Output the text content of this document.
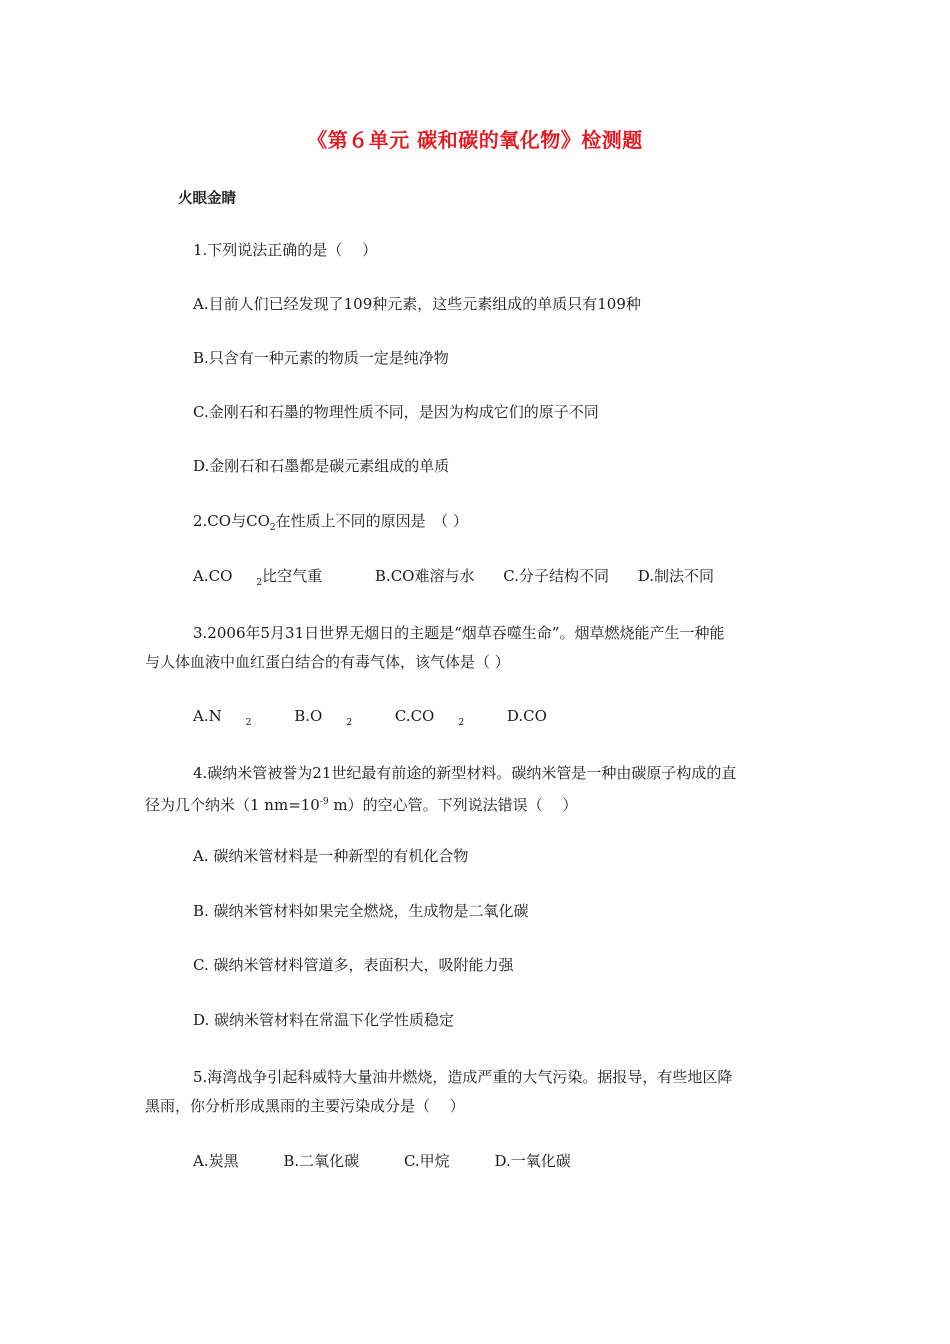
《第６单元 碳和碳的氧化物》检测题
火眼金睛
1.下列说法正确的是（　 ）
A.目前人们已经发现了109种元素，这些元素组成的单质只有109种
B.只含有一种元素的物质一定是纯净物
C.金刚石和石墨的物理性质不同，是因为构成它们的原子不同
D.金刚石和石墨都是碳元素组成的单质
2.CO与$CO_2$在性质上不同的原因是　（ ）
A.CO	$_2$比空气重	B.CO难溶与水 C.分子结构不同 D.制法不同
3.2006年5月31日世界无烟日的主题是“烟草吞噬生命”。烟草燃烧能产生一种能
与人体血液中血红蛋白结合的有毒气体，该气体是（ ）
A.N	$_2$	B.O	$_2$	C.CO	$_2$	D.CO
4.碳纳米管被誉为21世纪最有前途的新型材料。碳纳米管是一种由碳原子构成的直
径为几个纳米（1 $nm=10^{-9}$ m）的空心管。下列说法错误（　 ）
A. 碳纳米管材料是一种新型的有机化合物
B. 碳纳米管材料如果完全燃烧，生成物是二氧化碳
C. 碳纳米管材料管道多，表面积大，吸附能力强
D. 碳纳米管材料在常温下化学性质稳定
5.海湾战争引起科威特大量油井燃烧，造成严重的大气污染。据报导，有些地区降
黑雨，你分析形成黑雨的主要污染成分是（　 ）
A.炭黑	B.二氧化碳	C.甲烷	D.一氧化碳
